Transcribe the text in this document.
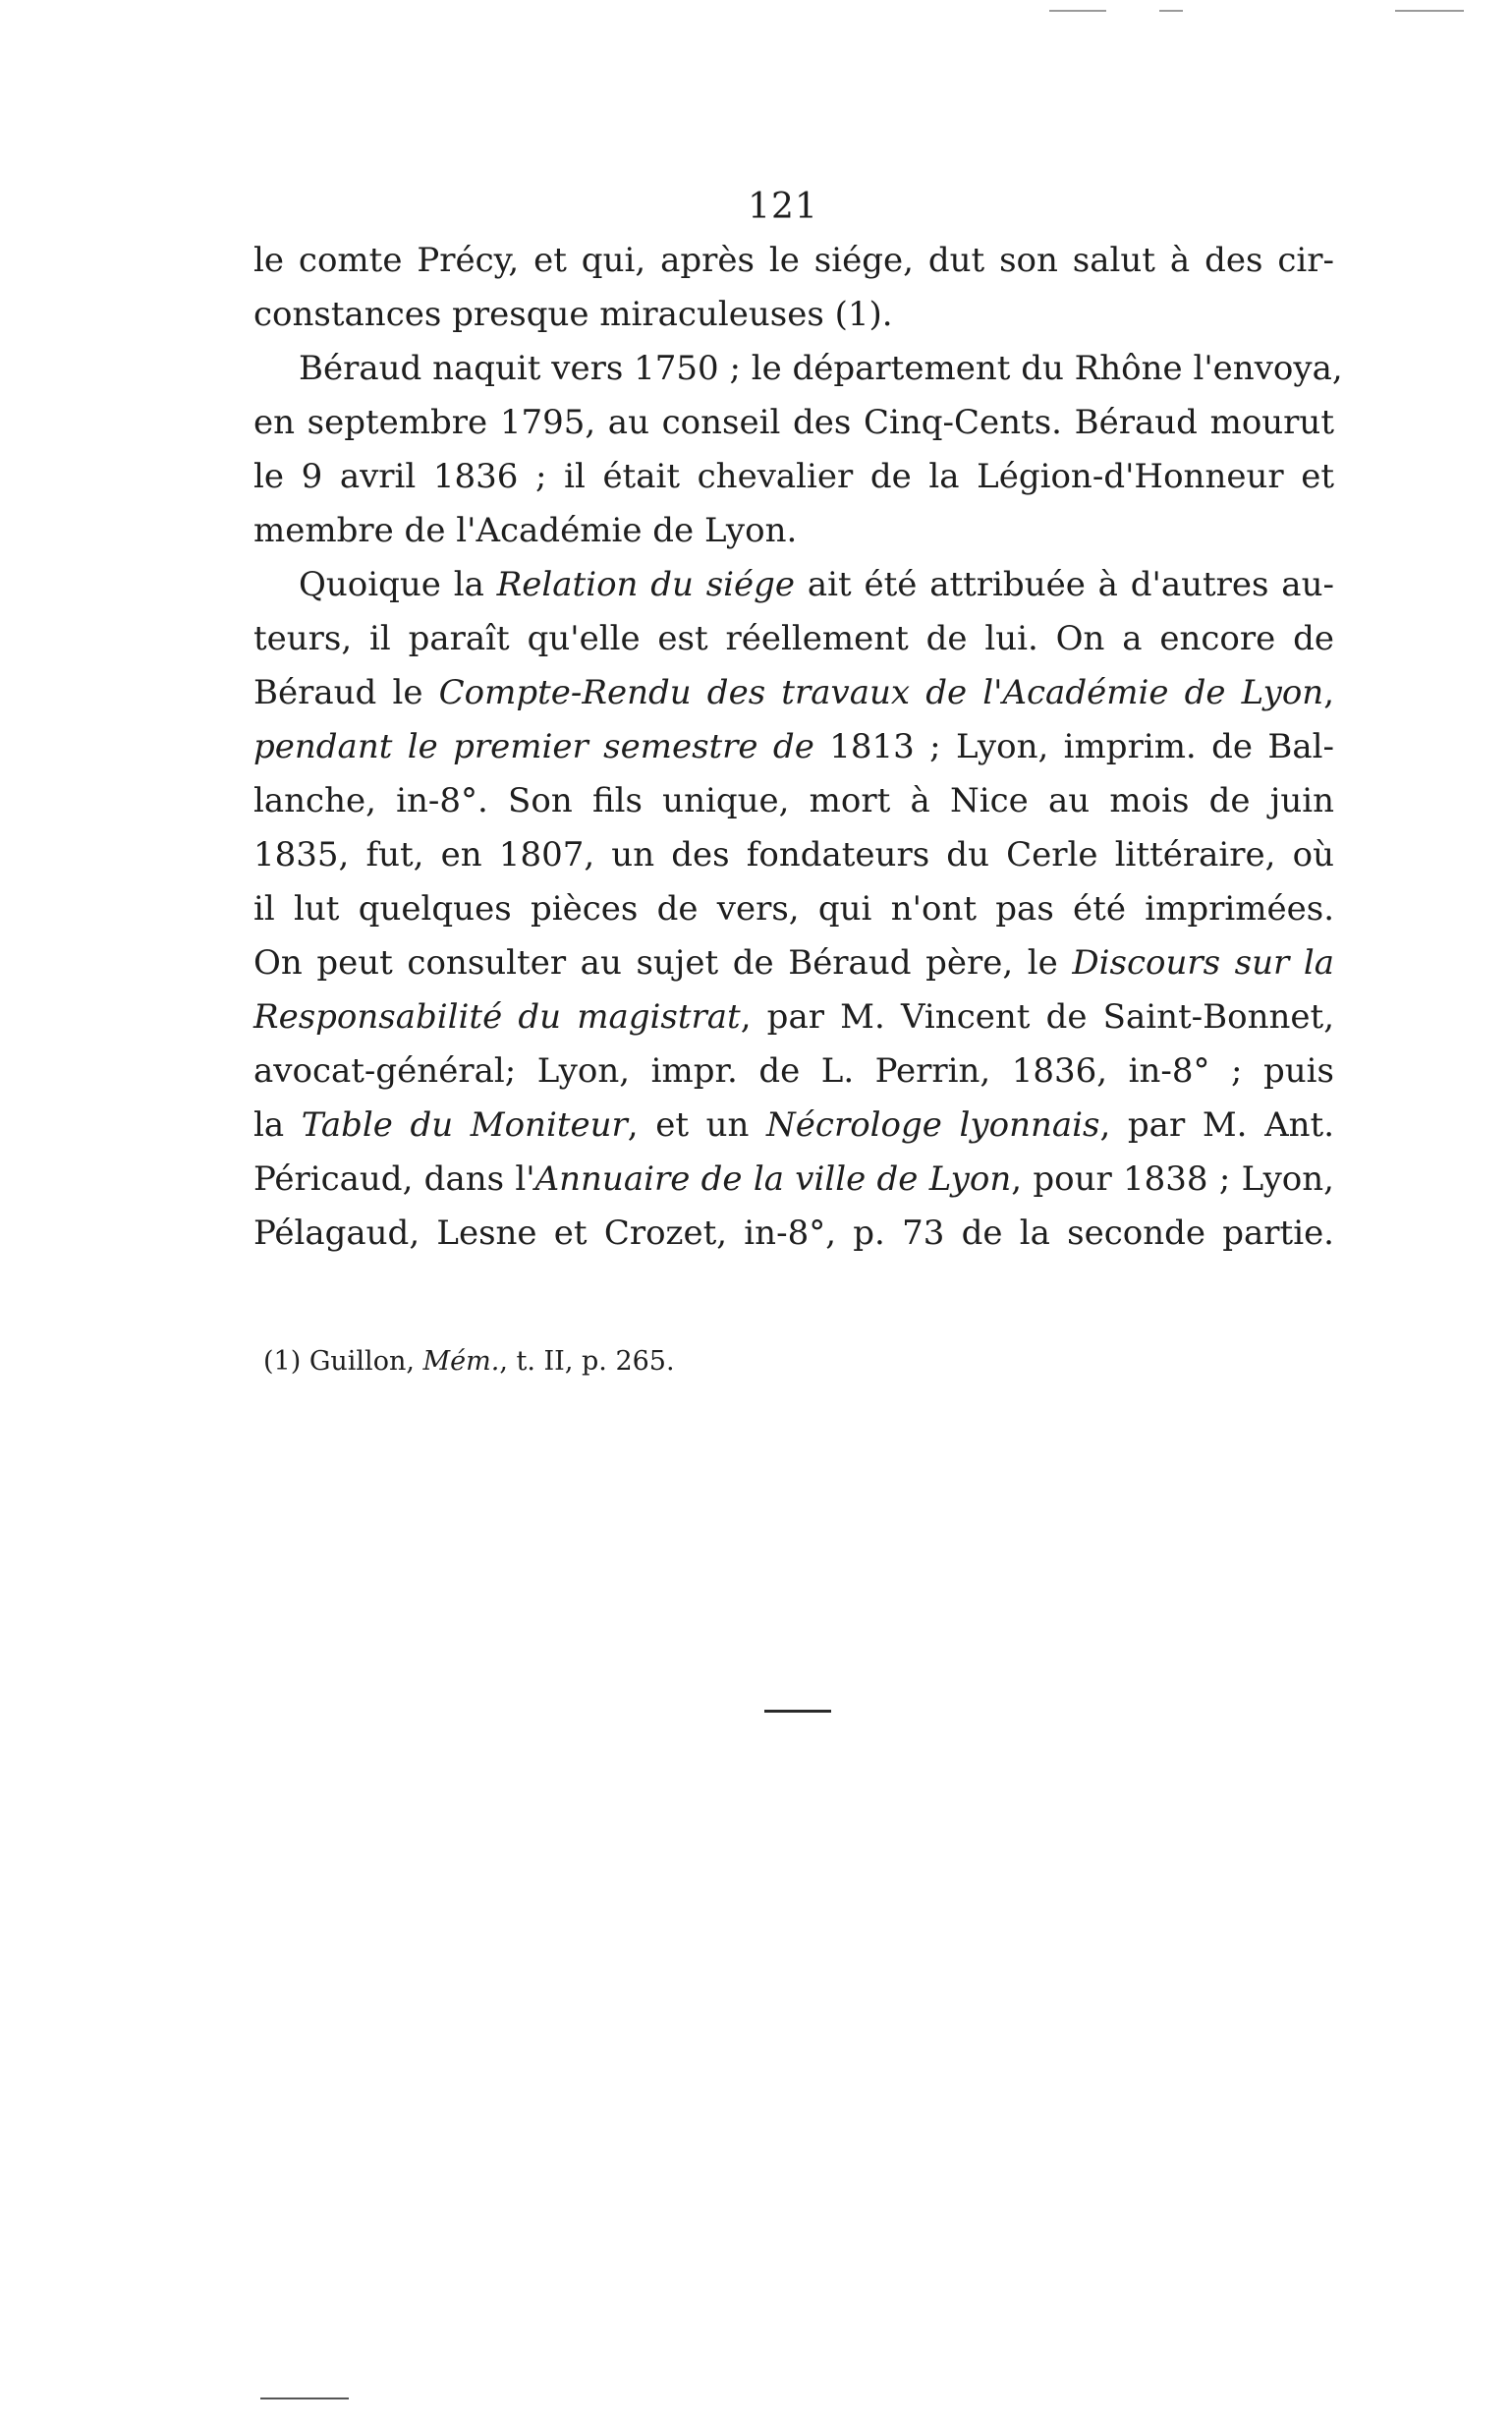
121
le comte Précy, et qui, après le siége, dut son salut à des cir-
constances presque miraculeuses (1).
Béraud naquit vers 1750 ; le département du Rhône l'envoya,
en septembre 1795, au conseil des Cinq-Cents. Béraud mourut
le 9 avril 1836 ; il était chevalier de la Légion-d'Honneur et
membre de l'Académie de Lyon.
Quoique la Relation du siége ait été attribuée à d'autres au-
teurs, il paraît qu'elle est réellement de lui. On a encore de
Béraud le Compte-Rendu des travaux de l'Académie de Lyon,
pendant le premier semestre de 1813 ; Lyon, imprim. de Bal-
lanche, in-8°. Son fils unique, mort à Nice au mois de juin
1835, fut, en 1807, un des fondateurs du Cerle littéraire, où
il lut quelques pièces de vers, qui n'ont pas été imprimées.
On peut consulter au sujet de Béraud père, le Discours sur la
Responsabilité du magistrat, par M. Vincent de Saint-Bonnet,
avocat-général; Lyon, impr. de L. Perrin, 1836, in-8° ; puis
la Table du Moniteur, et un Nécrologe lyonnais, par M. Ant.
Péricaud, dans l'Annuaire de la ville de Lyon, pour 1838 ; Lyon,
Pélagaud, Lesne et Crozet, in-8°, p. 73 de la seconde partie.
(1) Guillon, Mém., t. II, p. 265.
